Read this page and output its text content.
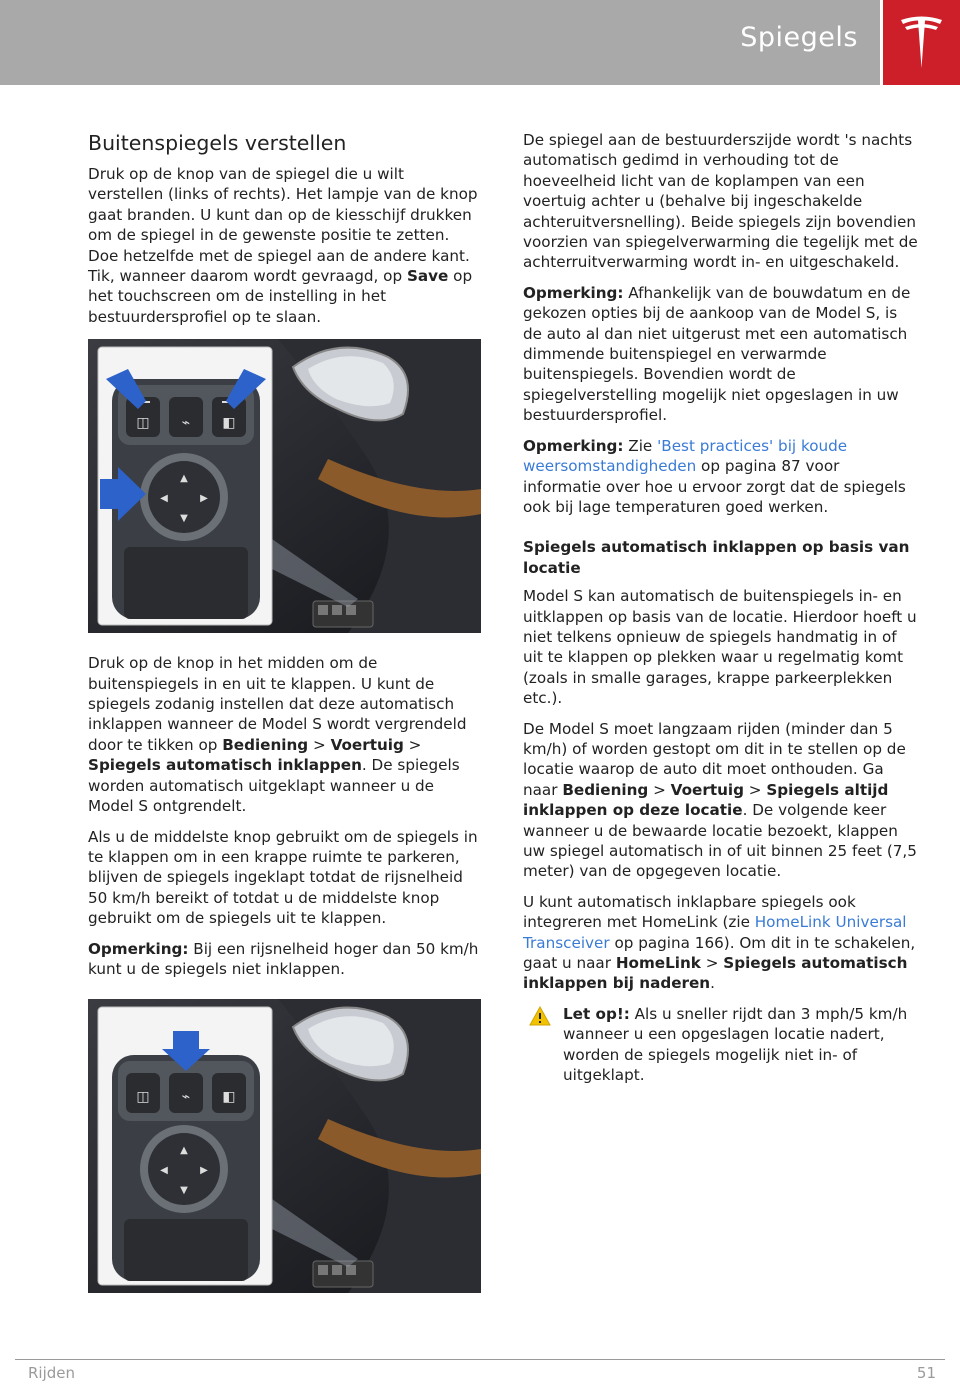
Spiegels
Buitenspiegels verstellen

Druk op de knop van de spiegel die u wilt verstellen (links of rechts). Het lampje van de knop gaat branden. U kunt dan op de kiesschijf drukken om de spiegel in de gewenste positie te zetten. Doe hetzelfde met de spiegel aan de andere kant. Tik, wanneer daarom wordt gevraagd, op Save op het touchscreen om de instelling in het bestuurdersprofiel op te slaan.

◫ ⌁ ◧
▲
▼
◀	▶

Druk op de knop in het midden om de buitenspiegels in en uit te klappen. U kunt de spiegels zodanig instellen dat deze automatisch inklappen wanneer de Model S wordt vergrendeld door te tikken op Bediening > Voertuig > Spiegels automatisch inklappen. De spiegels worden automatisch uitgeklapt wanneer u de Model S ontgrendelt.

Als u de middelste knop gebruikt om de spiegels in te klappen om in een krappe ruimte te parkeren, blijven de spiegels ingeklapt totdat de rijsnelheid 50 km/h bereikt of totdat u de middelste knop gebruikt om de spiegels uit te klappen.

Opmerking: Bij een rijsnelheid hoger dan 50 km/h kunt u de spiegels niet inklappen.

◫ ⌁ ◧
▲
▼
◀	▶

De spiegel aan de bestuurderszijde wordt 's nachts automatisch gedimd in verhouding tot de hoeveelheid licht van de koplampen van een voertuig achter u (behalve bij ingeschakelde achteruitversnelling). Beide spiegels zijn bovendien voorzien van spiegelverwarming die tegelijk met de achterruitverwarming wordt in- en uitgeschakeld.

Opmerking: Afhankelijk van de bouwdatum en de gekozen opties bij de aankoop van de Model S, is de auto al dan niet uitgerust met een automatisch dimmende buitenspiegel en verwarmde buitenspiegels. Bovendien wordt de spiegelverstelling mogelijk niet opgeslagen in uw bestuurdersprofiel.

Opmerking: Zie 'Best practices' bij koude weersomstandigheden op pagina 87 voor informatie over hoe u ervoor zorgt dat de spiegels ook bij lage temperaturen goed werken.

Spiegels automatisch inklappen op basis van locatie

Model S kan automatisch de buitenspiegels in- en uitklappen op basis van de locatie. Hierdoor hoeft u niet telkens opnieuw de spiegels handmatig in of uit te klappen op plekken waar u regelmatig komt (zoals in smalle garages, krappe parkeerplekken etc.).

De Model S moet langzaam rijden (minder dan 5 km/h) of worden gestopt om dit in te stellen op de locatie waarop de auto dit moet onthouden. Ga naar Bediening > Voertuig > Spiegels altijd inklappen op deze locatie. De volgende keer wanneer u de bewaarde locatie bezoekt, klappen uw spiegel automatisch in of uit binnen 25 feet (7,5 meter) van de opgegeven locatie.

U kunt automatisch inklapbare spiegels ook integreren met HomeLink (zie HomeLink Universal Transceiver op pagina 166). Om dit in te schakelen, gaat u naar HomeLink > Spiegels automatisch inklappen bij naderen.

Let op!: Als u sneller rijdt dan 3 mph/5 km/h wanneer u een opgeslagen locatie nadert, worden de spiegels mogelijk niet in- of uitgeklapt.

Rijden	51
